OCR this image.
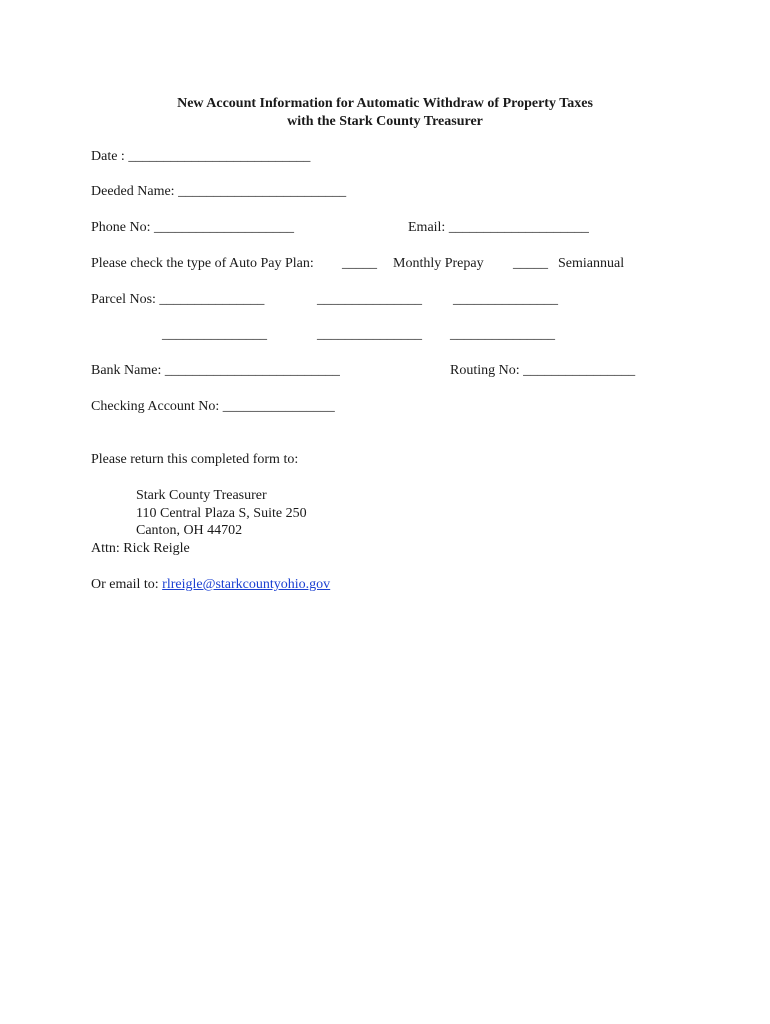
New Account Information for Automatic Withdraw of Property Taxes
with the Stark County Treasurer
Date : __________________________
Deeded Name: ________________________
Phone No: ____________________	Email: ____________________
Please check the type of Auto Pay Plan: _____ Monthly Prepay _____ Semiannual
Parcel Nos: _______________	_______________ _______________
_______________	_______________ _______________
Bank Name: _________________________	Routing No: ________________
Checking Account No: ________________
Please return this completed form to:
Stark County Treasurer
110 Central Plaza S, Suite 250
Canton, OH 44702
Attn: Rick Reigle
Or email to: rlreigle@starkcountyohio.gov
